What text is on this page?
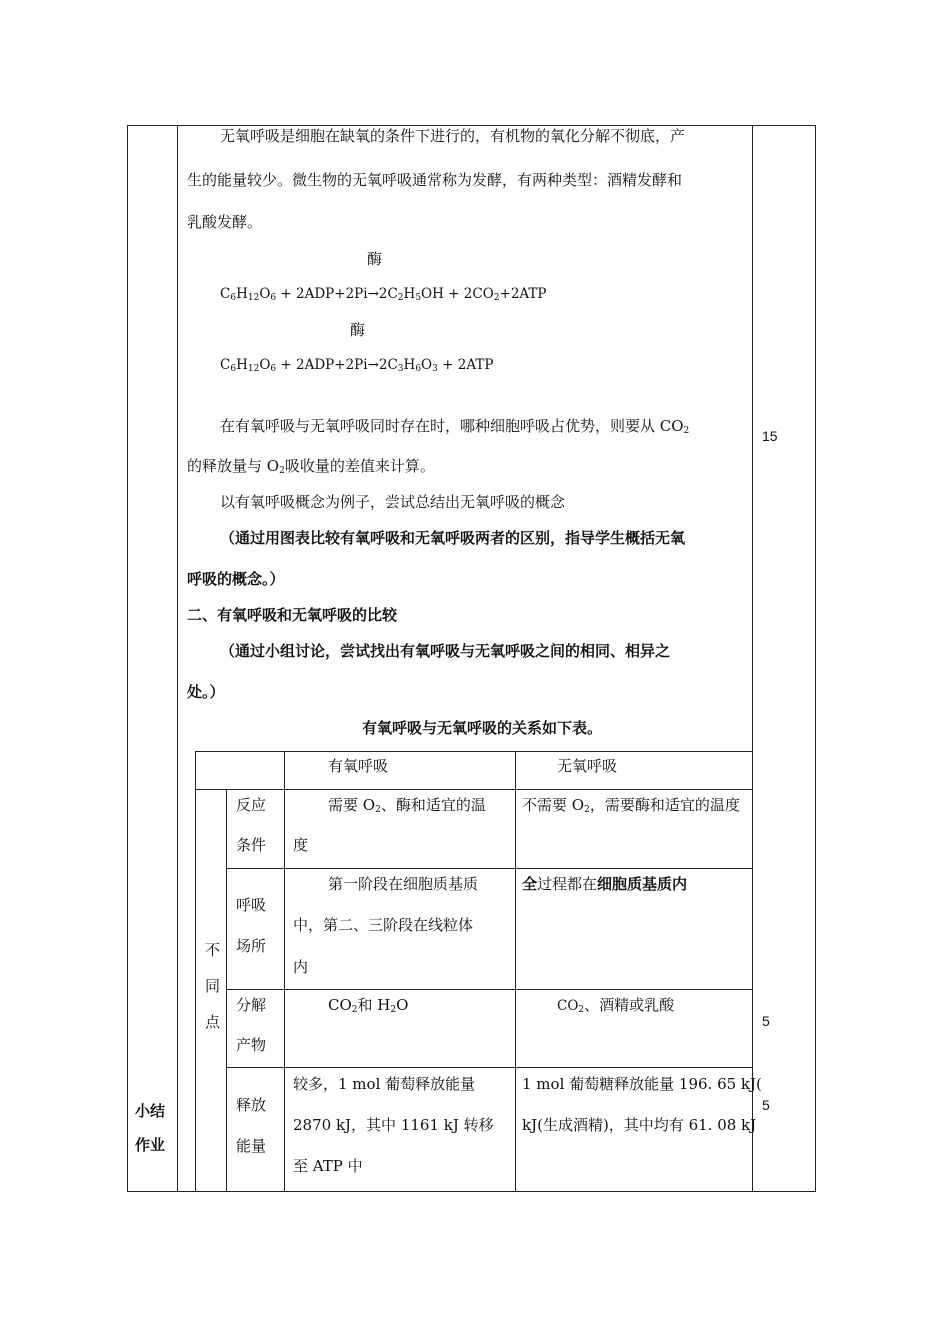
小结
作业
15
5
5
无氧呼吸是细胞在缺氧的条件下进行的，有机物的氧化分解不彻底，产
生的能量较少。微生物的无氧呼吸通常称为发酵，有两种类型：酒精发酵和
乳酸发酵。
酶
$C_6H_{12}O_6 + 2ADP+2Pi\to 2C_2H_5OH + 2CO_2+2ATP$
酶
$C_6H_{12}O_6 + 2ADP+2Pi\to 2C_3H_6O_3 + 2ATP$
在有氧呼吸与无氧呼吸同时存在时，哪种细胞呼吸占优势，则要从 $CO_2$
的释放量与 $O_2$吸收量的差值来计算。
以有氧呼吸概念为例子，尝试总结出无氧呼吸的概念
（通过用图表比较有氧呼吸和无氧呼吸两者的区别，指导学生概括无氧
呼吸的概念。）
二、有氧呼吸和无氧呼吸的比较
（通过小组讨论，尝试找出有氧呼吸与无氧呼吸之间的相同、相异之
处。）
有氧呼吸与无氧呼吸的关系如下表。
有氧呼吸	无氧呼吸
不
同
点
反应
条件
需要 $O_2$、酶和适宜的温
度
不需要 $O_2$，需要酶和适宜的温度
呼吸
场所
第一阶段在细胞质基质
中，第二、三阶段在线粒体
内
全过程都在细胞质基质内
分解
产物
$CO_2$和 $H_2O$	$CO_2$、酒精或乳酸
释放
能量
较多，1 mol 葡萄释放能量
2870 kJ，其中 1161 kJ 转移
至 ATP 中
1 mol 葡萄糖释放能量 196. 65 kJ(
kJ(生成酒精)，其中均有 61. 08 kJ
